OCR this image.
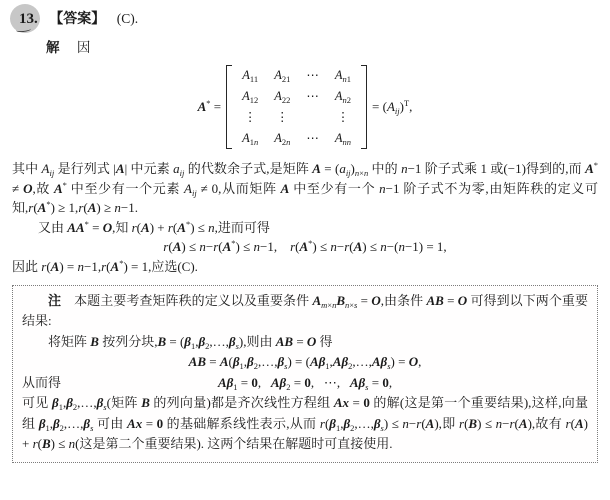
13. 【答案】 (C).
解 因
A* =
$A_{11}$	$A_{21}$	⋯	$A_{n1}$
$A_{12}$	$A_{22}$	⋯	$A_{n2}$
⋮	⋮		⋮
$A_{1n}$	$A_{2n}$	⋯	$A_{nn}$
= $(A_{ij})^T$,

其中 $A_{ij}$ 是行列式 |A| 中元素 $a_{ij}$ 的代数余子式,是矩阵 $A = (a_{ij})_{n\times n}$ 中的 n−1 阶子式乘 1 或(−1)得到的,而 A* ≠ O,故 A* 中至少有一个元素 $A_{ij} \ne 0$,从而矩阵 A 中至少有一个 n−1 阶子式不为零,由矩阵秩的定义可知,r(A*) ≥ 1,r(A) ≥ n−1.

又由 AA* = O,知 r(A) + r(A*) ≤ n,进而可得

r(A) ≤ n−r(A*) ≤ n−1,    r(A*) ≤ n−r(A) ≤ n−(n−1) = 1,

因此 r(A) = n−1,r(A*) = 1,应选(C).

注　本题主要考查矩阵秩的定义以及重要条件 $A_{m\times n}B_{n\times s} = O$,由条件 AB = O 可得到以下两个重要结果:

将矩阵 B 按列分块$,B = (\beta_1,\beta_2,\dots,\beta_s)$,则由 AB = O 得

AB = $A(\beta_1,\beta_2,\dots,\beta_s)$ = $(A\beta_1,A\beta_2,\dots,A\beta_s) = O$,
从而得	$A\beta_1 = 0$,   $A\beta_2 = 0$,   ⋯,   $A\beta_s = 0$,

可见 $\beta_1,\beta_2,\dots,\beta_s$(矩阵 B 的列向量)都是齐次线性方程组 Ax = 0 的解(这是第一个重要结果),这样,向量组 $\beta_1,\beta_2,\dots,\beta_s$ 可由 Ax = 0 的基础解系线性表示,从而 $r(\beta_1,\beta_2,\dots,\beta_s) \le n-r(A)$,即 r(B) ≤ n−r(A),故有 r(A) + r(B) ≤ n(这是第二个重要结果). 这两个结果在解题时可直接使用.
